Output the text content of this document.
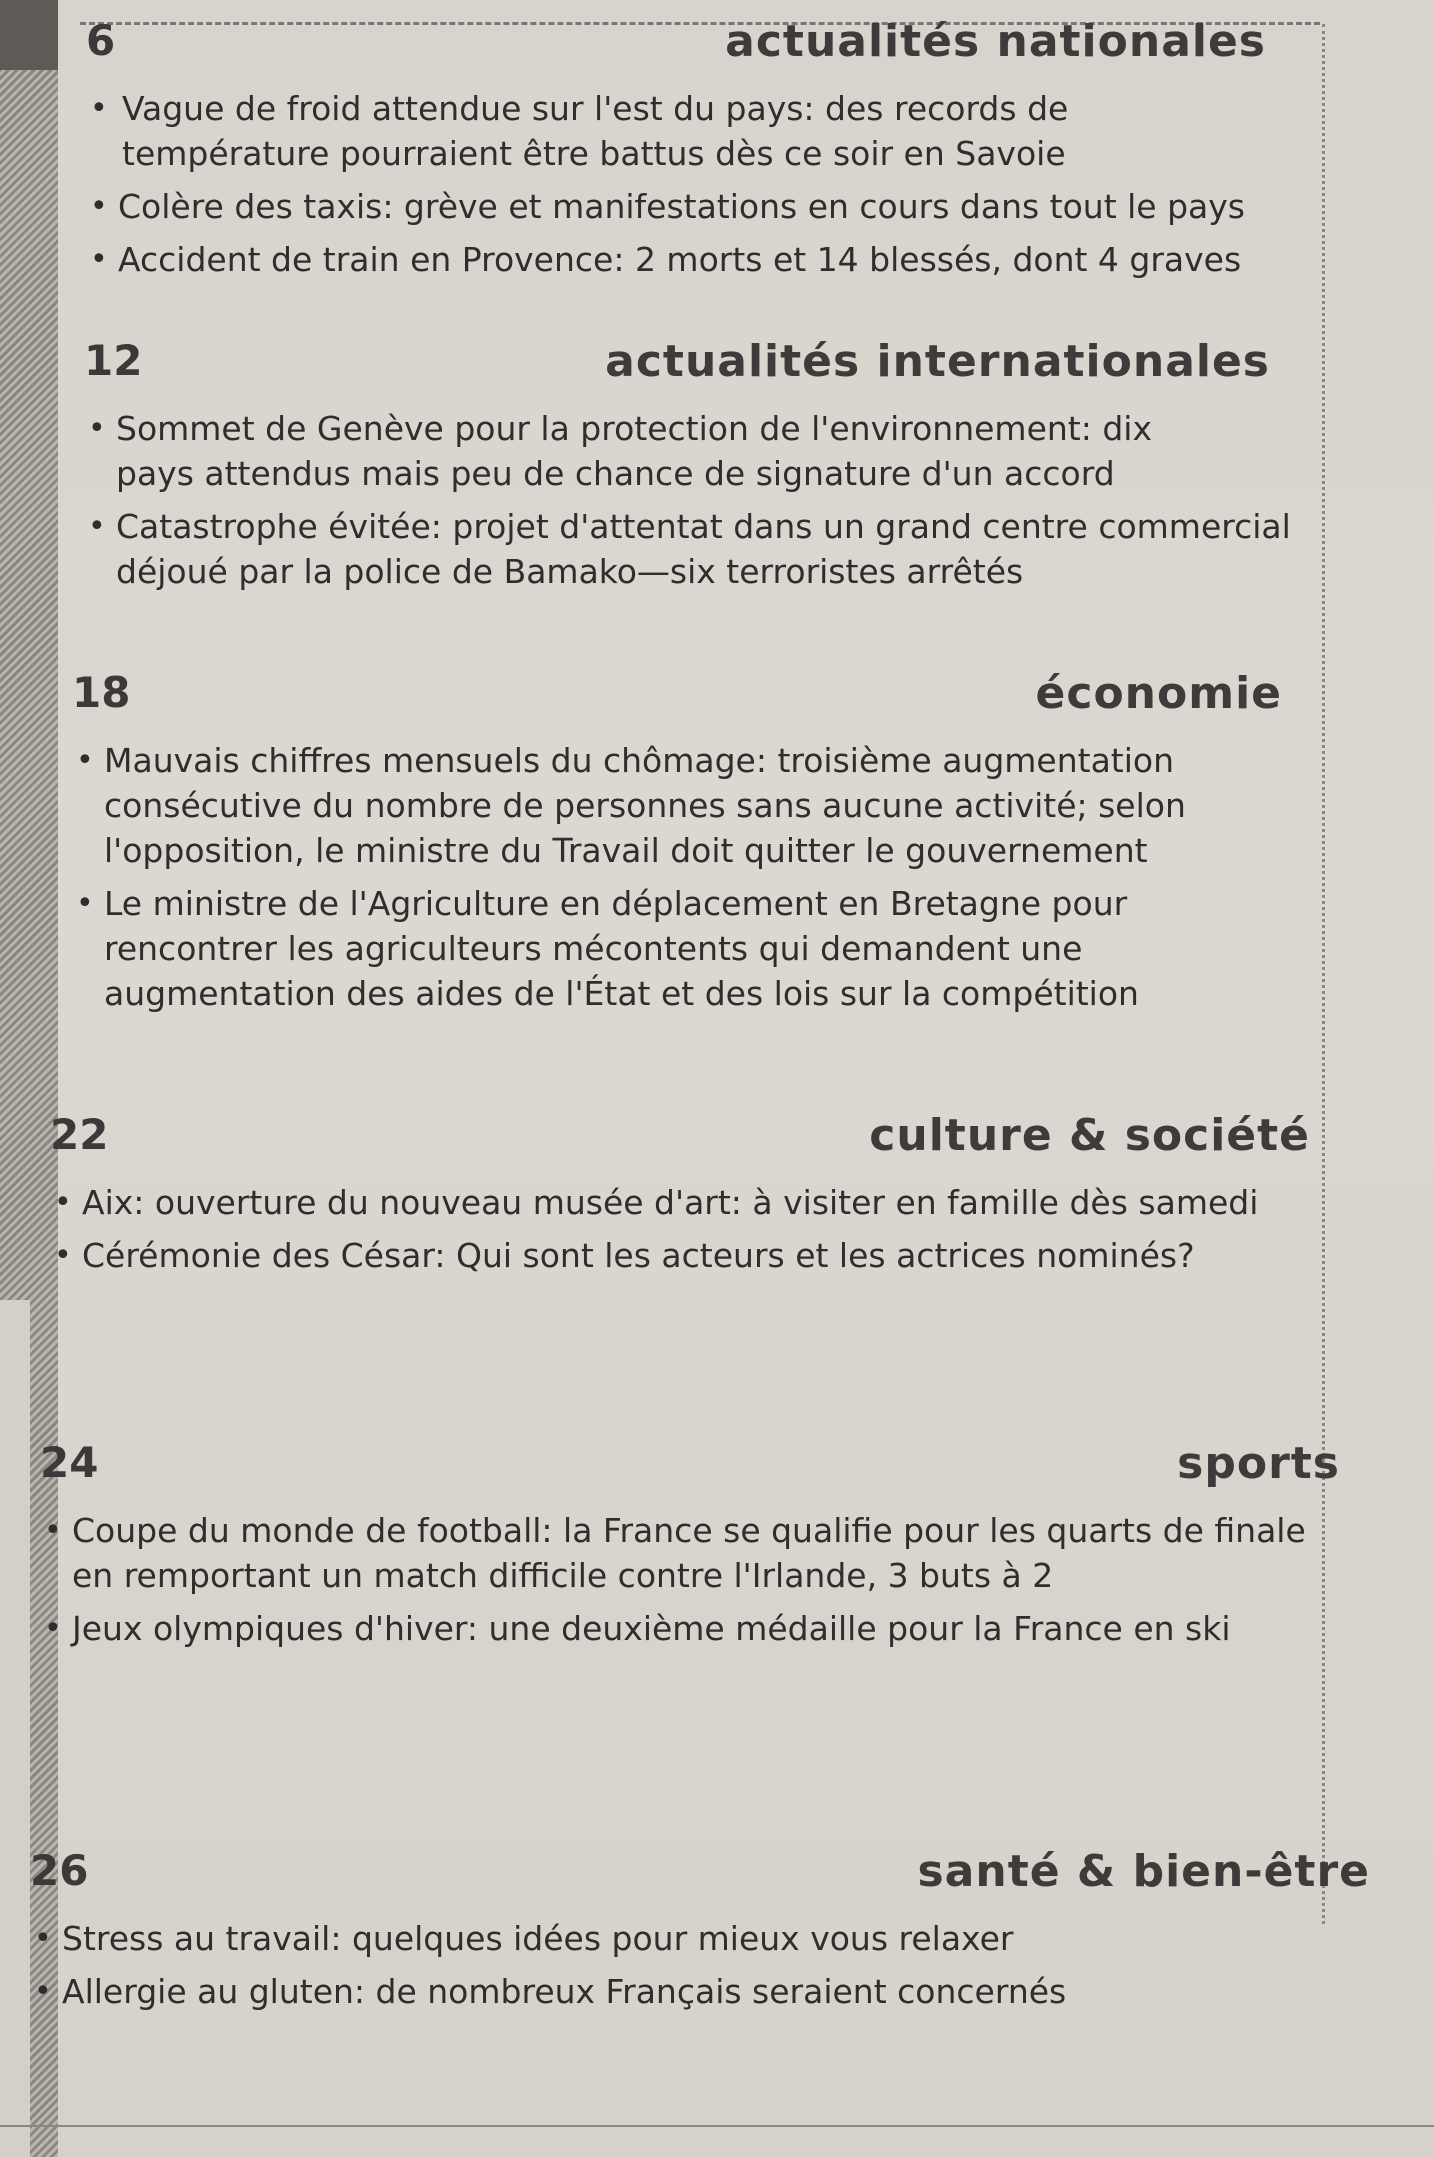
6	actualités nationales
• Vague de froid attendue sur l'est du pays: des records de température pourraient être battus dès ce soir en Savoie
• Colère des taxis: grève et manifestations en cours dans tout le pays
• Accident de train en Provence: 2 morts et 14 blessés, dont 4 graves
12	actualités internationales
• Sommet de Genève pour la protection de l'environnement: dix pays attendus mais peu de chance de signature d'un accord
• Catastrophe évitée: projet d'attentat dans un grand centre commercial déjoué par la police de Bamako—six terroristes arrêtés
18	économie
• Mauvais chiffres mensuels du chômage: troisième augmentation consécutive du nombre de personnes sans aucune activité; selon l'opposition, le ministre du Travail doit quitter le gouvernement
• Le ministre de l'Agriculture en déplacement en Bretagne pour rencontrer les agriculteurs mécontents qui demandent une augmentation des aides de l'État et des lois sur la compétition
22	culture & société
• Aix: ouverture du nouveau musée d'art: à visiter en famille dès samedi
• Cérémonie des César: Qui sont les acteurs et les actrices nominés?
24	sports
• Coupe du monde de football: la France se qualifie pour les quarts de finale en remportant un match difficile contre l'Irlande, 3 buts à 2
• Jeux olympiques d'hiver: une deuxième médaille pour la France en ski
26	santé & bien-être
• Stress au travail: quelques idées pour mieux vous relaxer
• Allergie au gluten: de nombreux Français seraient concernés
